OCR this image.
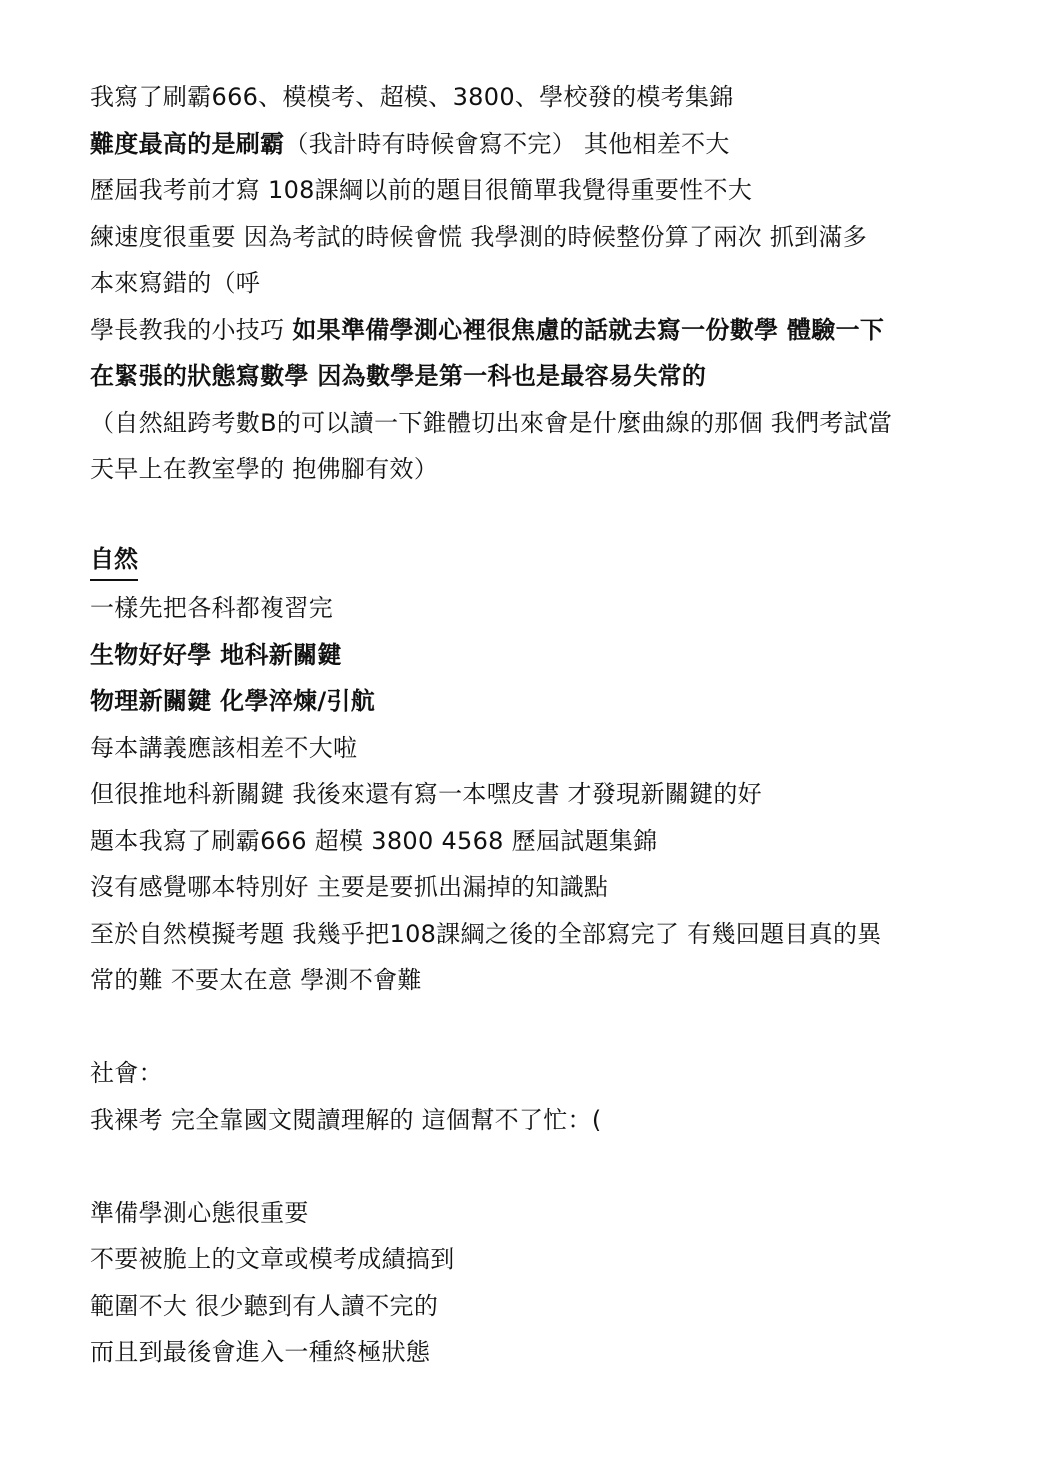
我寫了刷霸666、模模考、超模、3800、學校發的模考集錦
難度最高的是刷霸（我計時有時候會寫不完） 其他相差不大
歷屆我考前才寫 108課綱以前的題目很簡單我覺得重要性不大
練速度很重要 因為考試的時候會慌 我學測的時候整份算了兩次 抓到滿多
本來寫錯的（呼
學長教我的小技巧 如果準備學測心裡很焦慮的話就去寫一份數學 體驗一下
在緊張的狀態寫數學 因為數學是第一科也是最容易失常的
（自然組跨考數B的可以讀一下錐體切出來會是什麼曲線的那個 我們考試當
天早上在教室學的 抱佛腳有效）
自然
一樣先把各科都複習完
生物好好學 地科新關鍵
物理新關鍵 化學淬煉/引航
每本講義應該相差不大啦
但很推地科新關鍵 我後來還有寫一本嘿皮書 才發現新關鍵的好
題本我寫了刷霸666 超模 3800 4568 歷屆試題集錦
沒有感覺哪本特別好 主要是要抓出漏掉的知識點
至於自然模擬考題 我幾乎把108課綱之後的全部寫完了 有幾回題目真的異
常的難 不要太在意 學測不會難
社會：
我裸考 完全靠國文閱讀理解的 這個幫不了忙：(
準備學測心態很重要
不要被脆上的文章或模考成績搞到
範圍不大 很少聽到有人讀不完的
而且到最後會進入一種終極狀態
